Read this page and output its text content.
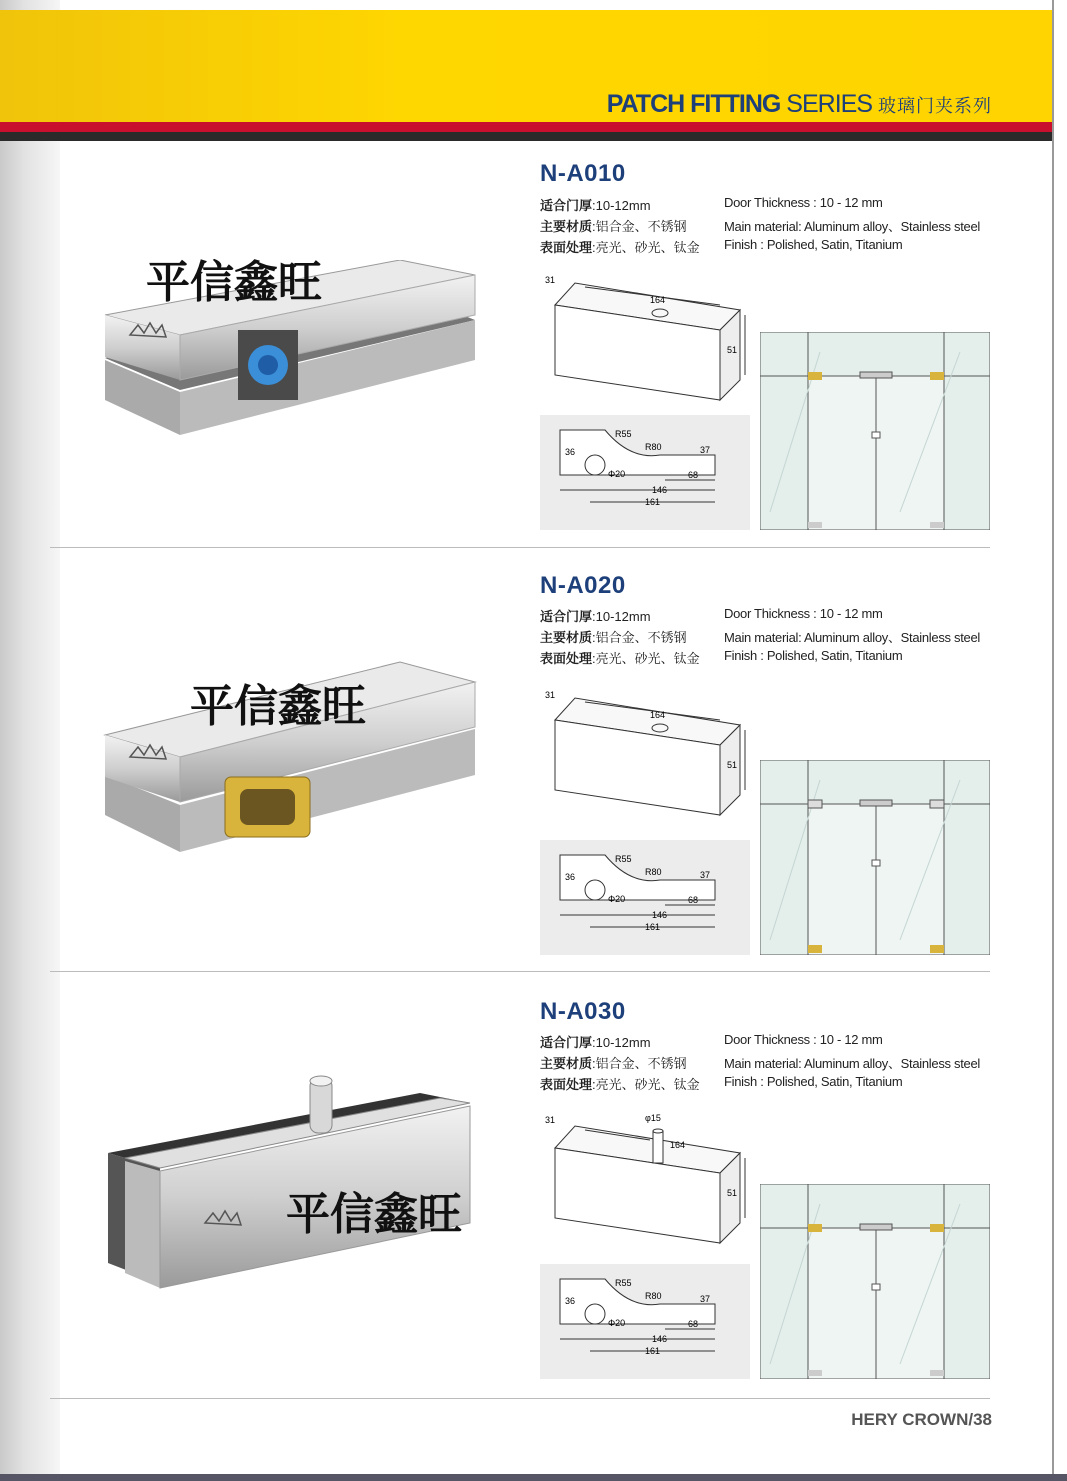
PATCH FITTING SERIES 玻璃门夹系列
N-A010
适合门厚:10-12mm
主要材质:铝合金、不锈钢
表面处理:亮光、砂光、钛金
Door Thickness : 10 - 12 mm
Main material: Aluminum alloy、Stainless steel
Finish : Polished, Satin, Titanium
平信鑫旺	31
164
51
R55
R80
36	37
Φ20	68
146
161
N-A020
适合门厚:10-12mm
主要材质:铝合金、不锈钢
表面处理:亮光、砂光、钛金
Door Thickness : 10 - 12 mm
Main material: Aluminum alloy、Stainless steel
Finish : Polished, Satin, Titanium
平信鑫旺	31
164
51
R55
R80
36	37
Φ20	68
146
161
N-A030
适合门厚:10-12mm
主要材质:铝合金、不锈钢
表面处理:亮光、砂光、钛金
Door Thickness : 10 - 12 mm
Main material: Aluminum alloy、Stainless steel
Finish : Polished, Satin, Titanium
平信鑫旺
31	φ15
164
51
R55
R80
36	37
Φ20	68
146
161
HERY CROWN/38
